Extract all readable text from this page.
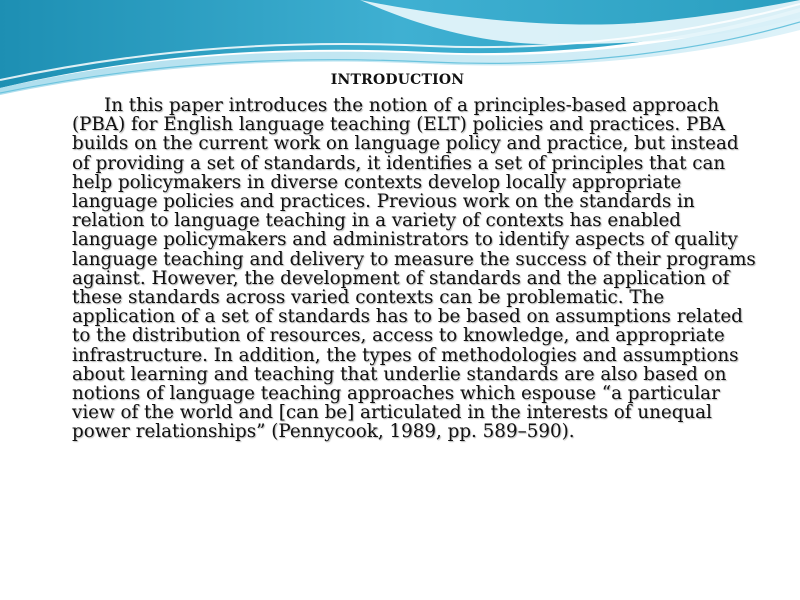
INTRODUCTION

In this paper introduces the notion of a principles-based approach (PBA) for English language teaching (ELT) policies and practices. PBA builds on the current work on language policy and practice, but instead of providing a set of standards, it identifies a set of principles that can help policymakers in diverse contexts develop locally appropriate language policies and practices. Previous work on the standards in relation to language teaching in a variety of contexts has enabled language policymakers and administrators to identify aspects of quality language teaching and delivery to measure the success of their programs against. However, the development of standards and the application of these standards across varied contexts can be problematic. The application of a set of standards has to be based on assumptions related to the distribution of resources, access to knowledge, and appropriate infrastructure. In addition, the types of methodologies and assumptions about learning and teaching that underlie standards are also based on notions of language teaching approaches which espouse “a particular view of the world and [can be] articulated in the interests of unequal power relationships” (Pennycook, 1989, pp. 589–590).
